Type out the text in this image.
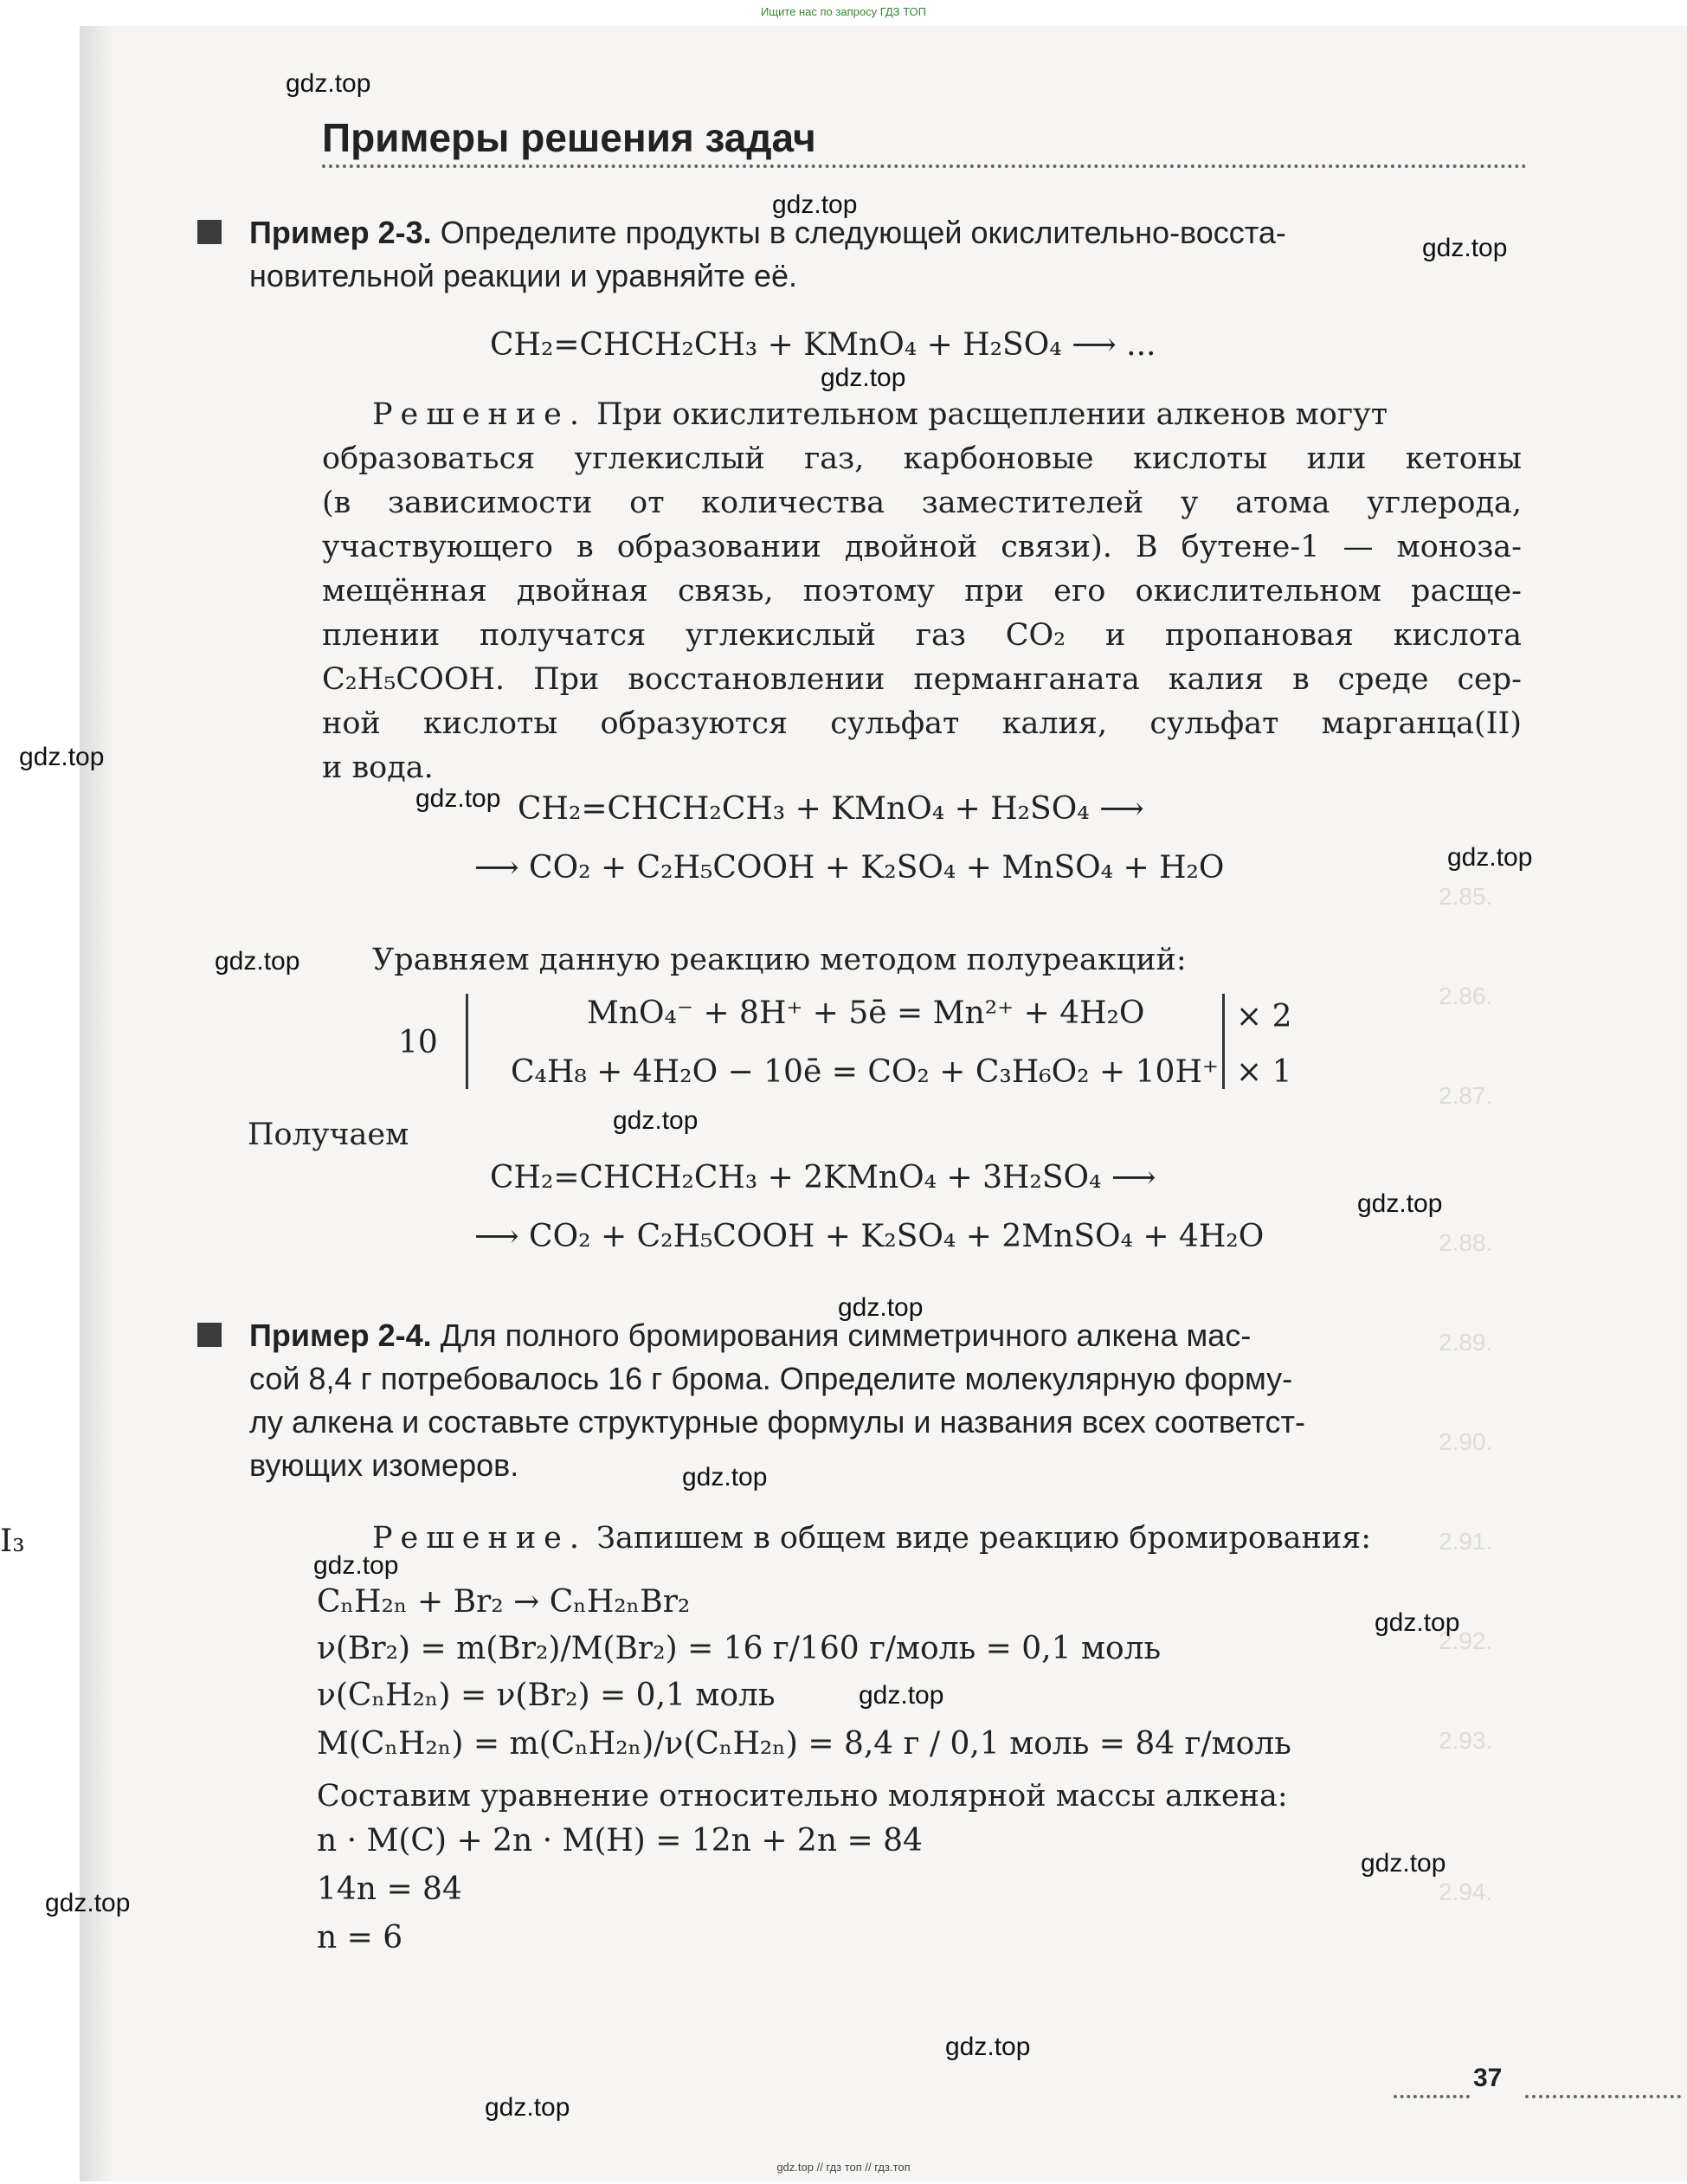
2.85.
2.86.
2.87.
2.88.
2.89.
2.90.
2.91.
2.92.
2.93.
2.94.
Ищите нас по запросу ГДЗ ТОП
gdz.top // гдз топ // гдз.топ
gdz.top
gdz.top
gdz.top
gdz.top
gdz.top
gdz.top
gdz.top
gdz.top
gdz.top
gdz.top
gdz.top
gdz.top
gdz.top
gdz.top
gdz.top
gdz.top
gdz.top
gdz.top
gdz.top
Примеры решения задач
Пример 2-3. Определите продукты в следующей окислительно-восста-
новительной реакции и уравняйте её.
CH₂=CHCH₂CH₃ + KMnO₄ + H₂SO₄ ⟶ ...
Решение. При окислительном расщеплении алкенов могут
образоваться углекислый газ, карбоновые кислоты или кетоны
(в зависимости от количества заместителей у атома углерода,
участвующего в образовании двойной связи). В бутене-1 — моноза-
мещённая двойная связь, поэтому при его окислительном расще-
плении получатся углекислый газ CO₂ и пропановая кислота
C₂H₅COOH. При восстановлении перманганата калия в среде сер-
ной кислоты образуются сульфат калия, сульфат марганца(II)
и вода.
CH₂=CHCH₂CH₃ + KMnO₄ + H₂SO₄ ⟶
⟶ CO₂ + C₂H₅COOH + K₂SO₄ + MnSO₄ + H₂O
Уравняем данную реакцию методом полуреакций:
10
MnO₄⁻ + 8H⁺ + 5ē = Mn²⁺ + 4H₂O
C₄H₈ + 4H₂O − 10ē = CO₂ + C₃H₆O₂ + 10H⁺
× 2
× 1
Получаем
CH₂=CHCH₂CH₃ + 2KMnO₄ + 3H₂SO₄ ⟶
⟶ CO₂ + C₂H₅COOH + K₂SO₄ + 2MnSO₄ + 4H₂O
Пример 2-4. Для полного бромирования симметричного алкена мас-
сой 8,4 г потребовалось 16 г брома. Определите молекулярную форму-
лу алкена и составьте структурные формулы и названия всех соответст-
вующих изомеров.
Решение. Запишем в общем виде реакцию бромирования:
CₙH₂ₙ + Br₂ → CₙH₂ₙBr₂
ν(Br₂) = m(Br₂)/M(Br₂) = 16 г/160 г/моль = 0,1 моль
ν(CₙH₂ₙ) = ν(Br₂) = 0,1 моль
M(CₙH₂ₙ) = m(CₙH₂ₙ)/ν(CₙH₂ₙ) = 8,4 г / 0,1 моль = 84 г/моль
Составим уравнение относительно молярной массы алкена:
n · M(C) + 2n · M(H) = 12n + 2n = 84
14n = 84
n = 6
I₃
37
